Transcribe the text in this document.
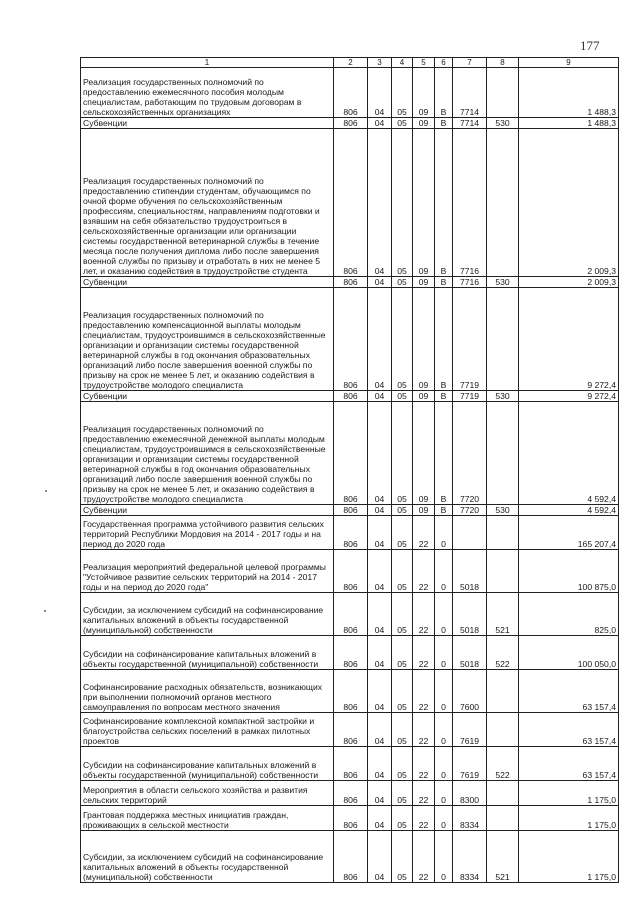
177
1	2	3	4	5	6	7	8	9
Реализация государственных полномочий по предоставлению ежемесячного пособия молодым специалистам, работающим по трудовым договорам в сельскохозяйственных организациях	806	04	05	09	В	7714		1 488,3
Субвенции	806	04	05	09	В	7714	530	1 488,3
Реализация государственных полномочий по предоставлению стипендии студентам, обучающимся по очной форме обучения по сельскохозяйственным профессиям, специальностям, направлениям подготовки и взявшим на себя обязательство трудоустроиться в сельскохозяйственные организации или организации системы государственной ветеринарной службы в течение месяца после получения диплома либо после завершения военной службы по призыву и отработать в них не менее 5 лет, и оказанию содействия в трудоустройстве студента	806	04	05	09	В	7716		2 009,3
Субвенции	806	04	05	09	В	7716	530	2 009,3
Реализация государственных полномочий по предоставлению компенсационной выплаты молодым специалистам, трудоустроившимся в сельскохозяйственные организации и организации системы государственной ветеринарной службы в год окончания образовательных организаций либо после завершения военной службы по призыву на срок не менее 5 лет, и оказанию содействия в трудоустройстве молодого специалиста	806	04	05	09	В	7719		9 272,4
Субвенции	806	04	05	09	В	7719	530	9 272,4
Реализация государственных полномочий по предоставлению ежемесячной денежной выплаты молодым специалистам, трудоустроившимся в сельскохозяйственные организации и организации системы государственной ветеринарной службы в год окончания образовательных организаций либо после завершения военной службы по призыву на срок не менее 5 лет, и оказанию содействия в трудоустройстве молодого специалиста	806	04	05	09	В	7720		4 592,4
Субвенции	806	04	05	09	В	7720	530	4 592,4
Государственная программа устойчивого развития сельских территорий Республики Мордовия на 2014 - 2017 годы и на период до 2020 года	806	04	05	22	0			165 207,4
Реализация мероприятий федеральной целевой программы "Устойчивое развитие сельских территорий на 2014 - 2017 годы и на период до 2020 года"	806	04	05	22	0	5018		100 875,0
Субсидии, за исключением субсидий на софинансирование капитальных вложений в объекты государственной (муниципальной) собственности	806	04	05	22	0	5018	521	825,0
Субсидии на софинансирование капитальных вложений в объекты государственной (муниципальной) собственности	806	04	05	22	0	5018	522	100 050,0
Софинансирование расходных обязательств, возникающих при выполнении полномочий органов местного самоуправления по вопросам местного значения	806	04	05	22	0	7600		63 157,4
Софинансирование комплексной компактной застройки и благоустройства сельских поселений в рамках пилотных проектов	806	04	05	22	0	7619		63 157,4
Субсидии на софинансирование капитальных вложений в объекты государственной (муниципальной) собственности	806	04	05	22	0	7619	522	63 157,4
Мероприятия в области сельского хозяйства и развития сельских территорий	806	04	05	22	0	8300		1 175,0
Грантовая поддержка местных инициатив граждан, проживающих в сельской местности	806	04	05	22	0	8334		1 175,0
Субсидии, за исключением субсидий на софинансирование капитальных вложений в объекты государственной (муниципальной) собственности	806	04	05	22	0	8334	521	1 175,0
